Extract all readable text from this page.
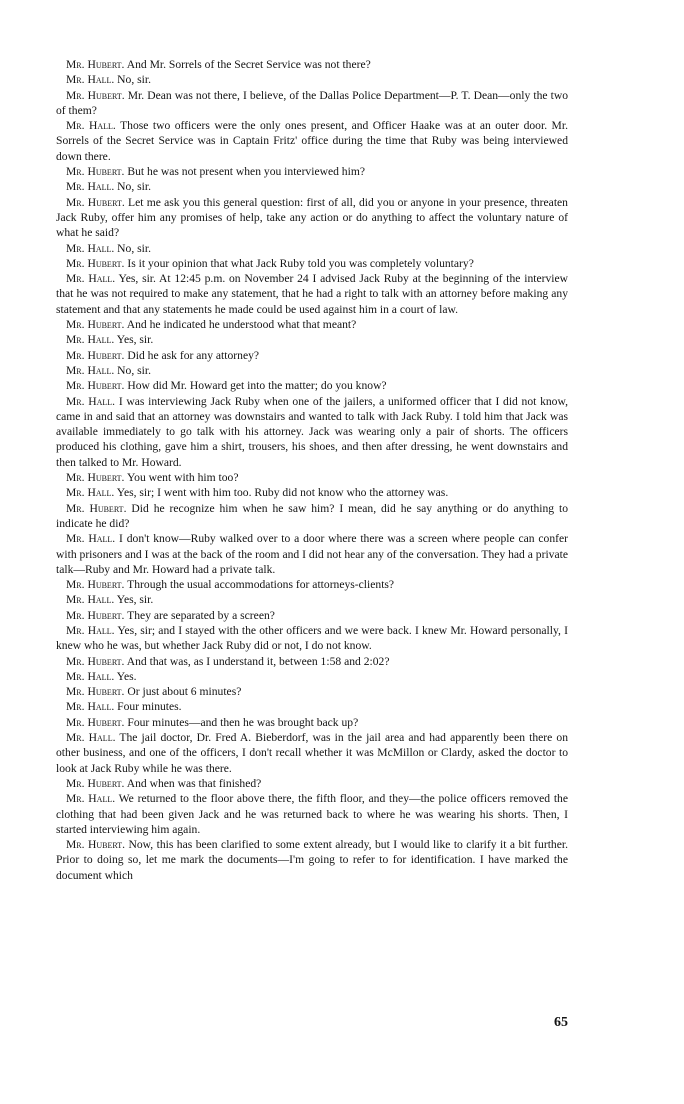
Mr. Hubert. And Mr. Sorrels of the Secret Service was not there?

Mr. Hall. No, sir.

Mr. Hubert. Mr. Dean was not there, I believe, of the Dallas Police Department—P. T. Dean—only the two of them?

Mr. Hall. Those two officers were the only ones present, and Officer Haake was at an outer door. Mr. Sorrels of the Secret Service was in Captain Fritz' office during the time that Ruby was being interviewed down there.

Mr. Hubert. But he was not present when you interviewed him?

Mr. Hall. No, sir.

Mr. Hubert. Let me ask you this general question: first of all, did you or anyone in your presence, threaten Jack Ruby, offer him any promises of help, take any action or do anything to affect the voluntary nature of what he said?

Mr. Hall. No, sir.

Mr. Hubert. Is it your opinion that what Jack Ruby told you was completely voluntary?

Mr. Hall. Yes, sir. At 12:45 p.m. on November 24 I advised Jack Ruby at the beginning of the interview that he was not required to make any statement, that he had a right to talk with an attorney before making any statement and that any statements he made could be used against him in a court of law.

Mr. Hubert. And he indicated he understood what that meant?

Mr. Hall. Yes, sir.

Mr. Hubert. Did he ask for any attorney?

Mr. Hall. No, sir.

Mr. Hubert. How did Mr. Howard get into the matter; do you know?

Mr. Hall. I was interviewing Jack Ruby when one of the jailers, a uniformed officer that I did not know, came in and said that an attorney was downstairs and wanted to talk with Jack Ruby. I told him that Jack was available immediately to go talk with his attorney. Jack was wearing only a pair of shorts. The officers produced his clothing, gave him a shirt, trousers, his shoes, and then after dressing, he went downstairs and then talked to Mr. Howard.

Mr. Hubert. You went with him too?

Mr. Hall. Yes, sir; I went with him too. Ruby did not know who the attorney was.

Mr. Hubert. Did he recognize him when he saw him? I mean, did he say anything or do anything to indicate he did?

Mr. Hall. I don't know—Ruby walked over to a door where there was a screen where people can confer with prisoners and I was at the back of the room and I did not hear any of the conversation. They had a private talk—Ruby and Mr. Howard had a private talk.

Mr. Hubert. Through the usual accommodations for attorneys-clients?

Mr. Hall. Yes, sir.

Mr. Hubert. They are separated by a screen?

Mr. Hall. Yes, sir; and I stayed with the other officers and we were back. I knew Mr. Howard personally, I knew who he was, but whether Jack Ruby did or not, I do not know.

Mr. Hubert. And that was, as I understand it, between 1:58 and 2:02?

Mr. Hall. Yes.

Mr. Hubert. Or just about 6 minutes?

Mr. Hall. Four minutes.

Mr. Hubert. Four minutes—and then he was brought back up?

Mr. Hall. The jail doctor, Dr. Fred A. Bieberdorf, was in the jail area and had apparently been there on other business, and one of the officers, I don't recall whether it was McMillon or Clardy, asked the doctor to look at Jack Ruby while he was there.

Mr. Hubert. And when was that finished?

Mr. Hall. We returned to the floor above there, the fifth floor, and they—the police officers removed the clothing that had been given Jack and he was returned back to where he was wearing his shorts. Then, I started interviewing him again.

Mr. Hubert. Now, this has been clarified to some extent already, but I would like to clarify it a bit further. Prior to doing so, let me mark the documents—I'm going to refer to for identification. I have marked the document which

65
